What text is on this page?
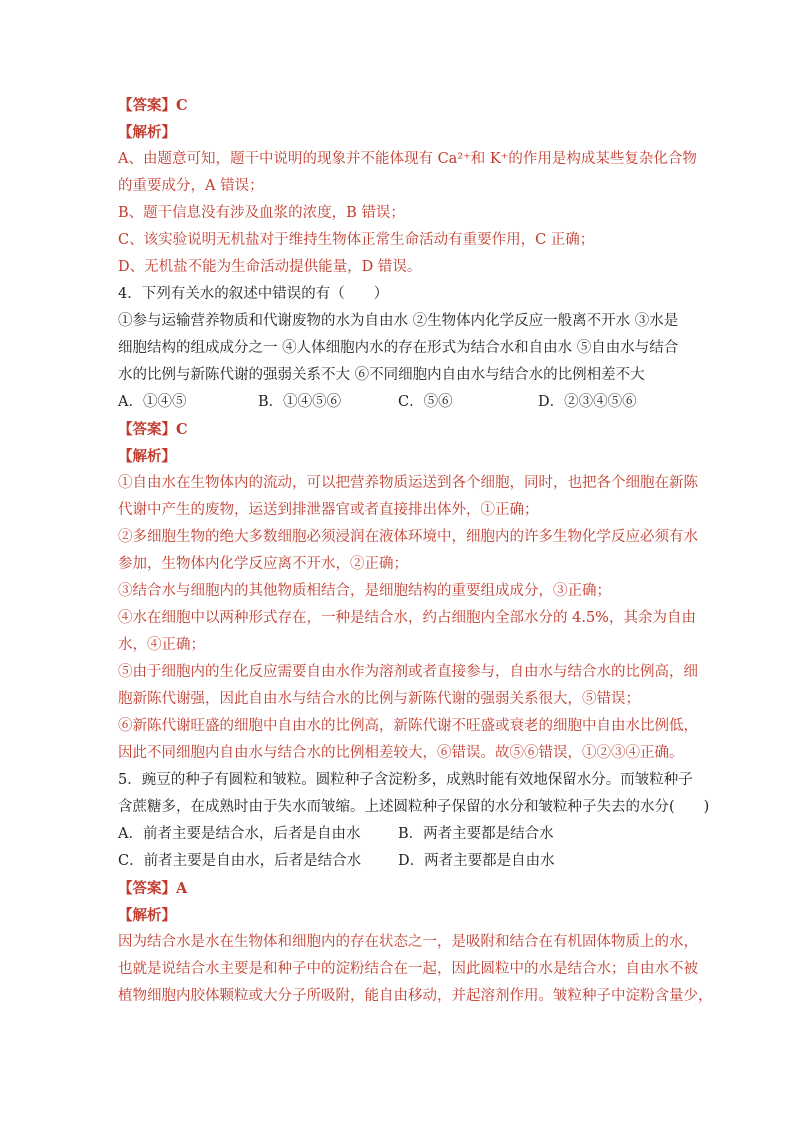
【答案】C
【解析】
A、由题意可知，题干中说明的现象并不能体现有 Ca²⁺和 K⁺的作用是构成某些复杂化合物
的重要成分，A 错误；
B、题干信息没有涉及血浆的浓度，B 错误；
C、该实验说明无机盐对于维持生物体正常生命活动有重要作用，C 正确；
D、无机盐不能为生命活动提供能量，D 错误。
4．下列有关水的叙述中错误的有（　　）
①参与运输营养物质和代谢废物的水为自由水 ②生物体内化学反应一般离不开水 ③水是
细胞结构的组成成分之一 ④人体细胞内水的存在形式为结合水和自由水 ⑤自由水与结合
水的比例与新陈代谢的强弱关系不大 ⑥不同细胞内自由水与结合水的比例相差不大
A．①④⑤	B．①④⑤⑥	C．⑤⑥	D．②③④⑤⑥
【答案】C
【解析】
①自由水在生物体内的流动，可以把营养物质运送到各个细胞，同时，也把各个细胞在新陈
代谢中产生的废物，运送到排泄器官或者直接排出体外，①正确；
②多细胞生物的绝大多数细胞必须浸润在液体环境中，细胞内的许多生物化学反应必须有水
参加，生物体内化学反应离不开水，②正确；
③结合水与细胞内的其他物质相结合，是细胞结构的重要组成成分，③正确；
④水在细胞中以两种形式存在，一种是结合水，约占细胞内全部水分的 4.5%，其余为自由
水，④正确；
⑤由于细胞内的生化反应需要自由水作为溶剂或者直接参与，自由水与结合水的比例高，细
胞新陈代谢强，因此自由水与结合水的比例与新陈代谢的强弱关系很大，⑤错误；
⑥新陈代谢旺盛的细胞中自由水的比例高，新陈代谢不旺盛或衰老的细胞中自由水比例低，
因此不同细胞内自由水与结合水的比例相差较大，⑥错误。故⑤⑥错误，①②③④正确。
5．豌豆的种子有圆粒和皱粒。圆粒种子含淀粉多，成熟时能有效地保留水分。而皱粒种子
含蔗糖多，在成熟时由于失水而皱缩。上述圆粒种子保留的水分和皱粒种子失去的水分(　　)
A．前者主要是结合水，后者是自由水	B．两者主要都是结合水
C．前者主要是自由水，后者是结合水	D．两者主要都是自由水
【答案】A
【解析】
因为结合水是水在生物体和细胞内的存在状态之一，是吸附和结合在有机固体物质上的水，
也就是说结合水主要是和种子中的淀粉结合在一起，因此圆粒中的水是结合水；自由水不被
植物细胞内胶体颗粒或大分子所吸附，能自由移动，并起溶剂作用。皱粒种子中淀粉含量少，
